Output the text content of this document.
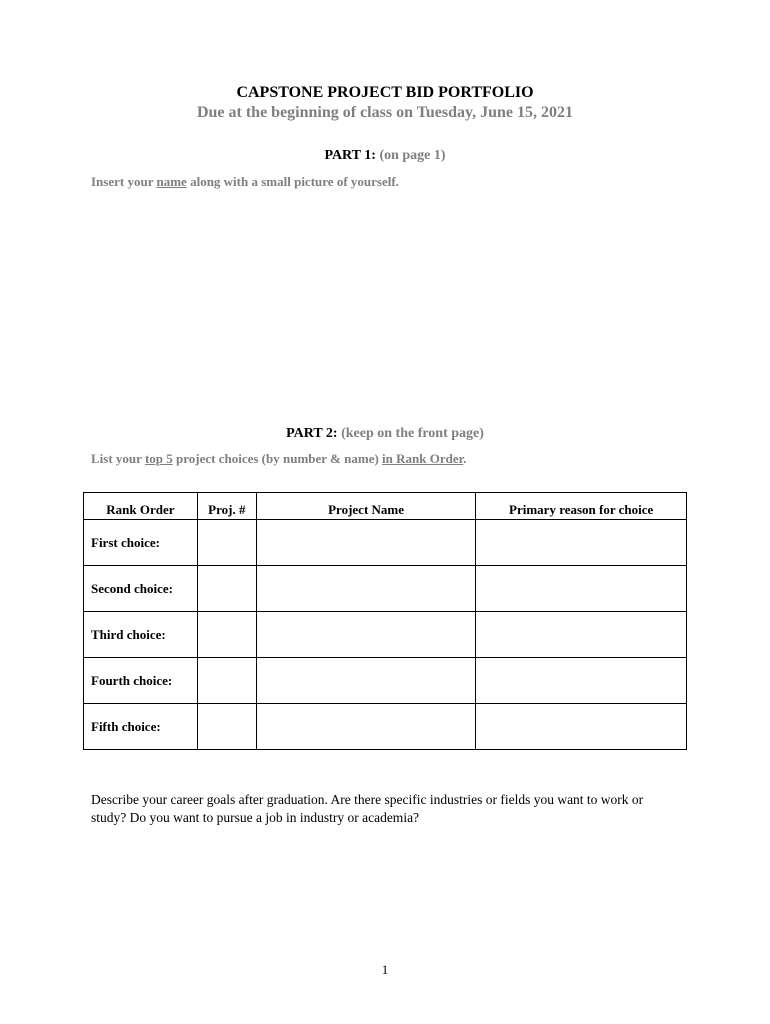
CAPSTONE PROJECT BID PORTFOLIO
Due at the beginning of class on Tuesday, June 15, 2021
PART 1: (on page 1)
Insert your name along with a small picture of yourself.
PART 2: (keep on the front page)
List your top 5 project choices (by number & name) in Rank Order.
Rank Order	Proj. #	Project Name	Primary reason for choice
First choice:			
Second choice:			
Third choice:			
Fourth choice:			
Fifth choice:			
Describe your career goals after graduation. Are there specific industries or fields you want to work or study? Do you want to pursue a job in industry or academia?
1
